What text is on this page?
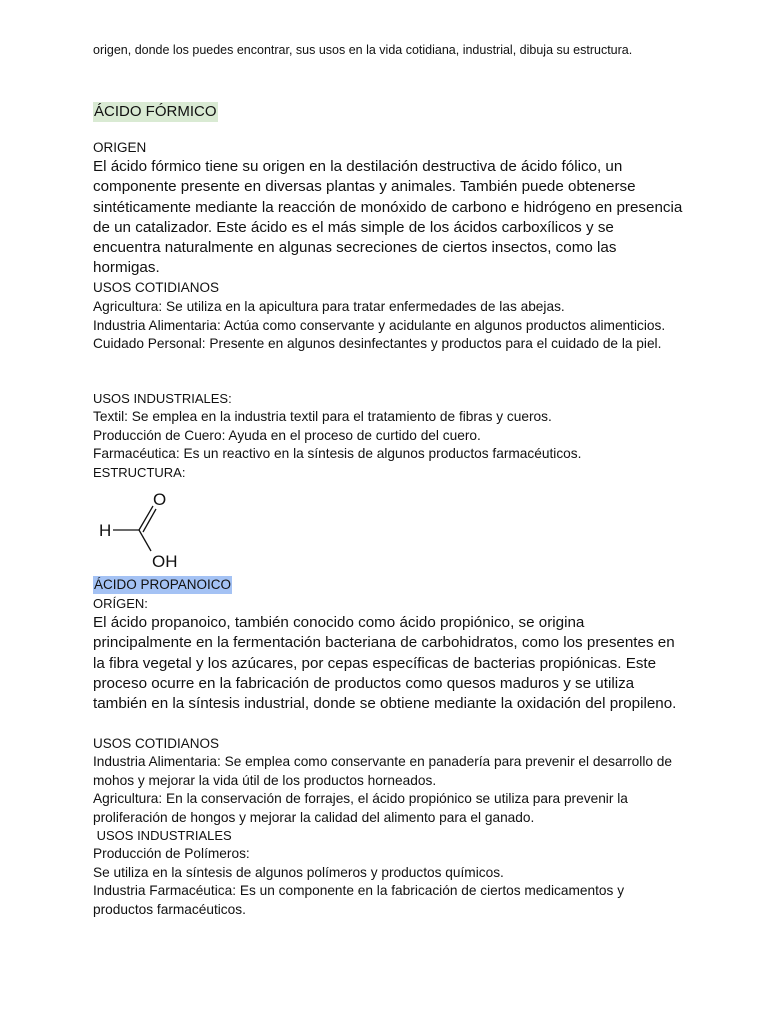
origen, donde los puedes encontrar, sus usos en la vida cotidiana, industrial, dibuja su estructura.
ÁCIDO FÓRMICO
ORIGEN

El ácido fórmico tiene su origen en la destilación destructiva de ácido fólico, un componente presente en diversas plantas y animales. También puede obtenerse sintéticamente mediante la reacción de monóxido de carbono e hidrógeno en presencia de un catalizador. Este ácido es el más simple de los ácidos carboxílicos y se encuentra naturalmente en algunas secreciones de ciertos insectos, como las hormigas.

USOS COTIDIANOS

Agricultura: Se utiliza en la apicultura para tratar enfermedades de las abejas.

Industria Alimentaria: Actúa como conservante y acidulante en algunos productos alimenticios.

Cuidado Personal: Presente en algunos desinfectantes y productos para el cuidado de la piel.

USOS INDUSTRIALES:

Textil: Se emplea en la industria textil para el tratamiento de fibras y cueros.

Producción de Cuero: Ayuda en el proceso de curtido del cuero.

Farmacéutica: Es un reactivo en la síntesis de algunos productos farmacéuticos.

ESTRUCTURA:
H
O
OH
ÁCIDO PROPANOICO
ORÍGEN:

El ácido propanoico, también conocido como ácido propiónico, se origina principalmente en la fermentación bacteriana de carbohidratos, como los presentes en la fibra vegetal y los azúcares, por cepas específicas de bacterias propiónicas. Este proceso ocurre en la fabricación de productos como quesos maduros y se utiliza también en la síntesis industrial, donde se obtiene mediante la oxidación del propileno.

USOS COTIDIANOS

Industria Alimentaria: Se emplea como conservante en panadería para prevenir el desarrollo de mohos y mejorar la vida útil de los productos horneados.

Agricultura: En la conservación de forrajes, el ácido propiónico se utiliza para prevenir la proliferación de hongos y mejorar la calidad del alimento para el ganado.

USOS INDUSTRIALES

Producción de Polímeros:

Se utiliza en la síntesis de algunos polímeros y productos químicos.

Industria Farmacéutica: Es un componente en la fabricación de ciertos medicamentos y productos farmacéuticos.
